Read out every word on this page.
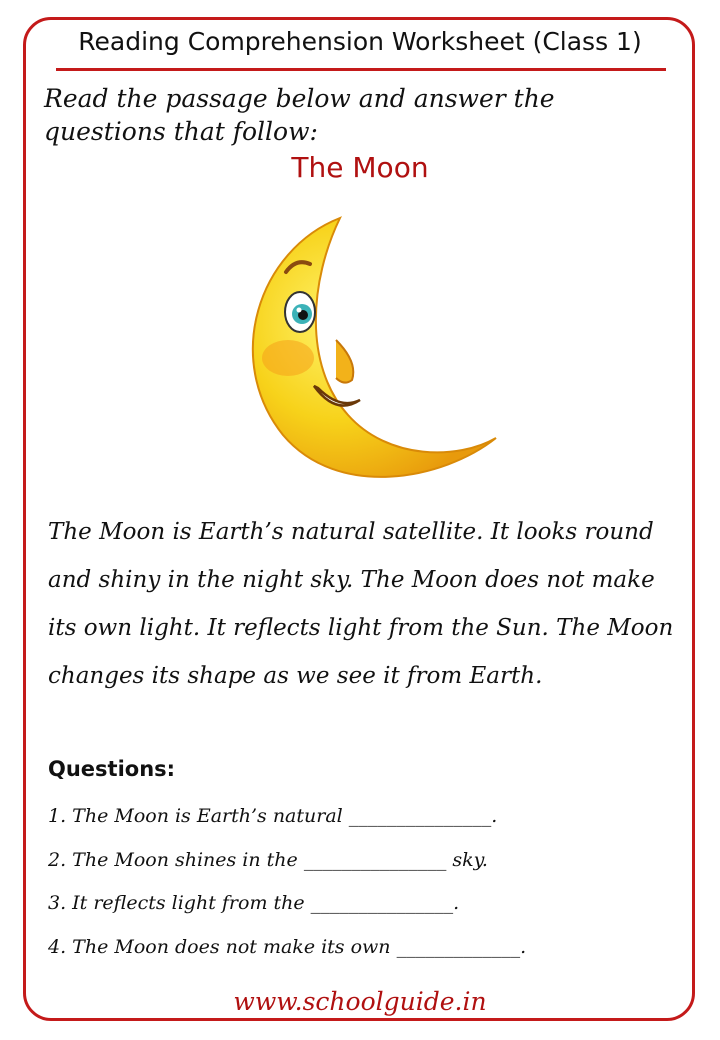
Reading Comprehension Worksheet (Class 1)
Read the passage below and answer the questions that follow:
The Moon

The Moon is Earth’s natural satellite. It looks round and shiny in the night sky. The Moon does not make its own light. It reflects light from the Sun. The Moon changes its shape as we see it from Earth.

Questions:
1. The Moon is Earth’s natural _______________.
2. The Moon shines in the _______________ sky.
3. It reflects light from the _______________.
4. The Moon does not make its own _____________.
www.schoolguide.in
